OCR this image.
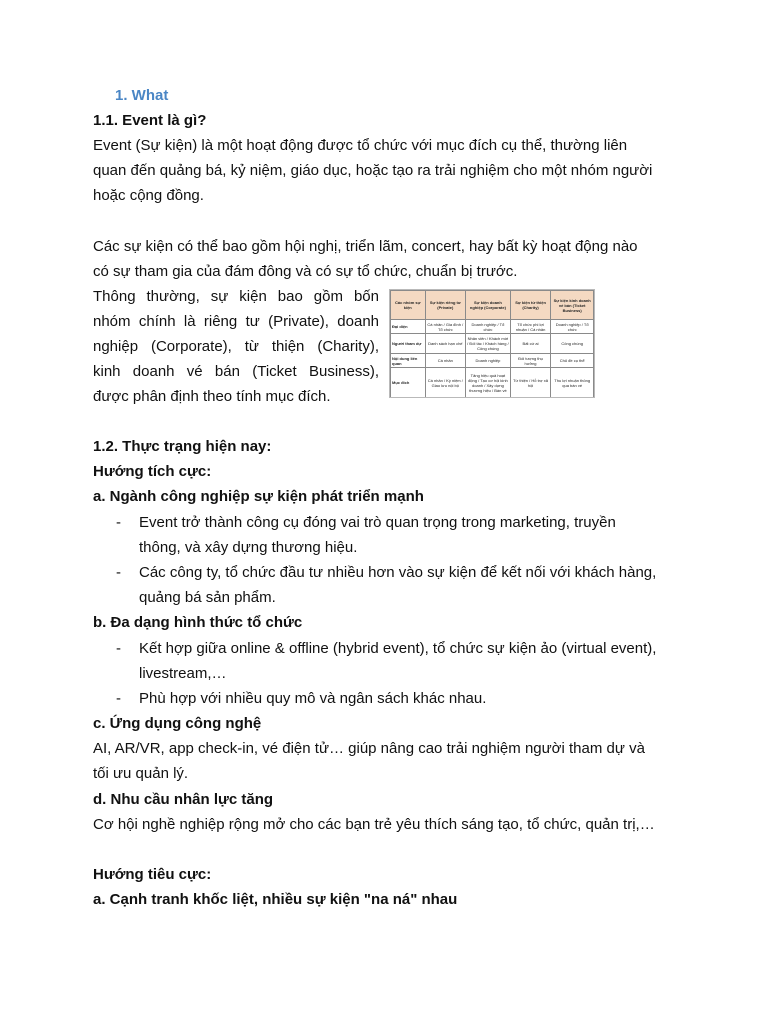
1. What
1.1. Event là gì?
Event (Sự kiện) là một hoạt động được tổ chức với mục đích cụ thể, thường liên
quan đến quảng bá, kỷ niệm, giáo dục, hoặc tạo ra trải nghiệm cho một nhóm người
hoặc cộng đồng.
Các sự kiện có thể bao gồm hội nghị, triển lãm, concert, hay bất kỳ hoạt động nào
có sự tham gia của đám đông và có sự tổ chức, chuẩn bị trước.
Thông thường, sự kiện bao gồm bốn
nhóm chính là riêng tư (Private), doanh
nghiệp (Corporate), từ thiện (Charity),
kinh doanh vé bán (Ticket Business),
được phân định theo tính mục đích.
Các nhóm sự kiện	Sự kiện riêng tư (Private)	Sự kiện doanh nghiệp (Corporate)	Sự kiện từ thiện (Charity)	Sự kiện kinh doanh vé bán (Ticket Business)
Đại diện	Cá nhân / Gia đình / Tổ chức	Doanh nghiệp / Tổ chức	Tổ chức phi lợi nhuận / Cá nhân	Doanh nghiệp / Tổ chức
Người tham dự	Danh sách hạn chế	Nhân viên / Khách mời / Đối tác / Khách hàng / Công chúng	Bất cứ ai	Công chúng
Nội dung liên quan	Cá nhân	Doanh nghiệp	Đối tượng thụ hưởng	Chủ đề cụ thể
Mục đích	Cá nhân / Kỷ niệm / Giao lưu nội bộ	Tăng hiệu quả hoạt động / Tạo cơ hội kinh doanh / Xây dựng thương hiệu / Bán vé	Từ thiện / Hỗ trợ xã hội	Thu lợi nhuận thông qua bán vé
1.2. Thực trạng hiện nay:
Hướng tích cực:
a. Ngành công nghiệp sự kiện phát triển mạnh
- Event trở thành công cụ đóng vai trò quan trọng trong marketing, truyền
thông, và xây dựng thương hiệu.
- Các công ty, tổ chức đầu tư nhiều hơn vào sự kiện để kết nối với khách hàng,
quảng bá sản phẩm.
b. Đa dạng hình thức tổ chức
- Kết hợp giữa online & offline (hybrid event), tổ chức sự kiện ảo (virtual event),
livestream,…
- Phù hợp với nhiều quy mô và ngân sách khác nhau.
c. Ứng dụng công nghệ
AI, AR/VR, app check-in, vé điện tử… giúp nâng cao trải nghiệm người tham dự và
tối ưu quản lý.
d. Nhu cầu nhân lực tăng
Cơ hội nghề nghiệp rộng mở cho các bạn trẻ yêu thích sáng tạo, tổ chức, quản trị,…
Hướng tiêu cực:
a. Cạnh tranh khốc liệt, nhiều sự kiện "na ná" nhau
